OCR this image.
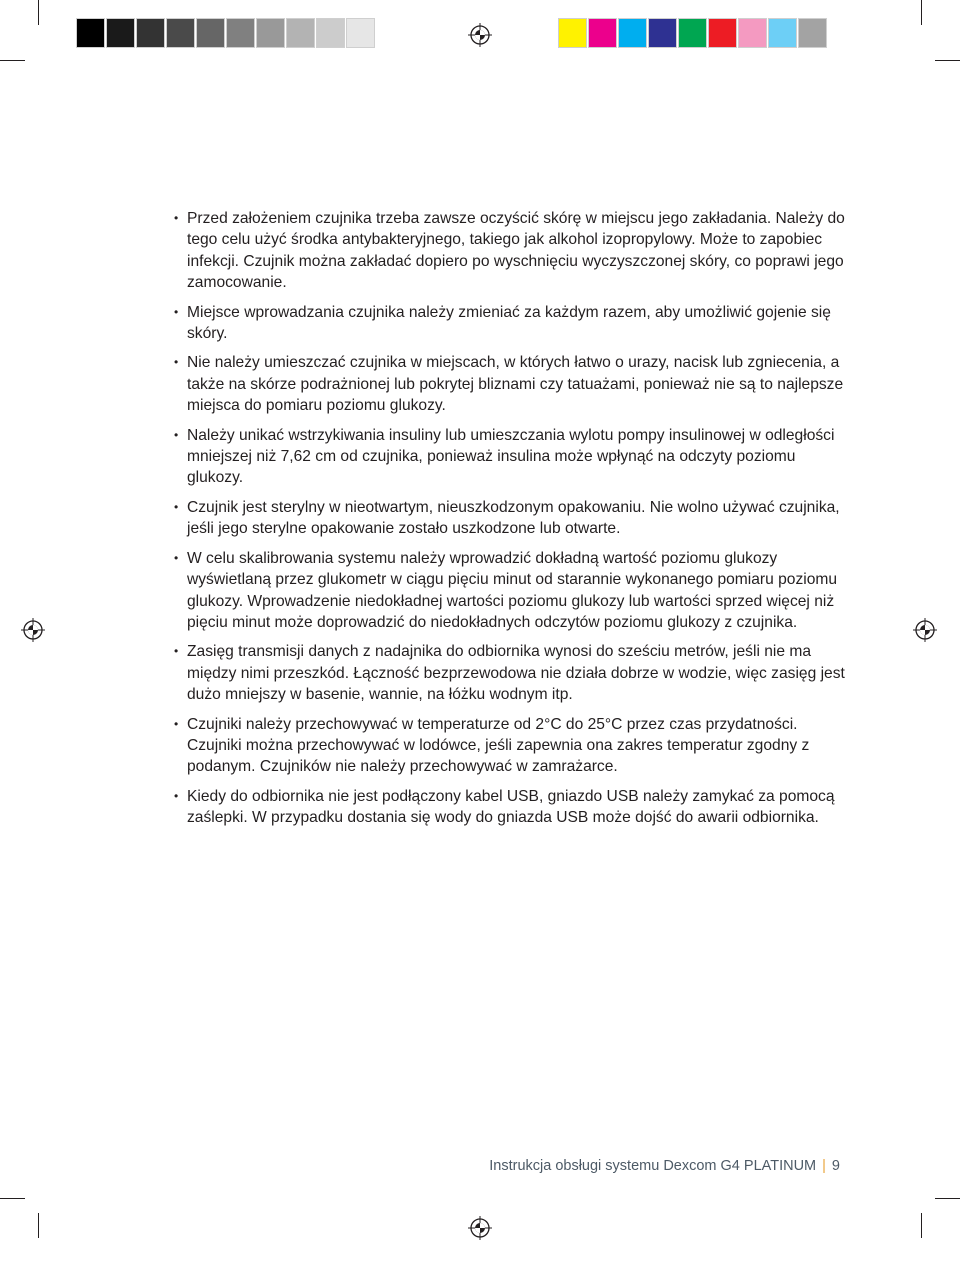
• Przed założeniem czujnika trzeba zawsze oczyścić skórę w miejscu jego zakładania. Należy do tego celu użyć środka antybakteryjnego, takiego jak alkohol izopropylowy. Może to zapobiec infekcji. Czujnik można zakładać dopiero po wyschnięciu wyczyszczonej skóry, co poprawi jego zamocowanie.
• Miejsce wprowadzania czujnika należy zmieniać za każdym razem, aby umożliwić gojenie się skóry.
• Nie należy umieszczać czujnika w miejscach, w których łatwo o urazy, nacisk lub zgniecenia, a także na skórze podrażnionej lub pokrytej bliznami czy tatuażami, ponieważ nie są to najlepsze miejsca do pomiaru poziomu glukozy.
• Należy unikać wstrzykiwania insuliny lub umieszczania wylotu pompy insulinowej w odległości mniejszej niż 7,62 cm od czujnika, ponieważ insulina może wpłynąć na odczyty poziomu glukozy.
• Czujnik jest sterylny w nieotwartym, nieuszkodzonym opakowaniu. Nie wolno używać czujnika, jeśli jego sterylne opakowanie zostało uszkodzone lub otwarte.
• W celu skalibrowania systemu należy wprowadzić dokładną wartość poziomu glukozy wyświetlaną przez glukometr w ciągu pięciu minut od starannie wykonanego pomiaru poziomu glukozy. Wprowadzenie niedokładnej wartości poziomu glukozy lub wartości sprzed więcej niż pięciu minut może doprowadzić do niedokładnych odczytów poziomu glukozy z czujnika.
• Zasięg transmisji danych z nadajnika do odbiornika wynosi do sześciu metrów, jeśli nie ma między nimi przeszkód. Łączność bezprzewodowa nie działa dobrze w wodzie, więc zasięg jest dużo mniejszy w basenie, wannie, na łóżku wodnym itp.
• Czujniki należy przechowywać w temperaturze od 2°C do 25°C przez czas przydatności. Czujniki można przechowywać w lodówce, jeśli zapewnia ona zakres temperatur zgodny z podanym. Czujników nie należy przechowywać w zamrażarce.
• Kiedy do odbiornika nie jest podłączony kabel USB, gniazdo USB należy zamykać za pomocą zaślepki. W przypadku dostania się wody do gniazda USB może dojść do awarii odbiornika.
Instrukcja obsługi systemu Dexcom G4 PLATINUM | 9
